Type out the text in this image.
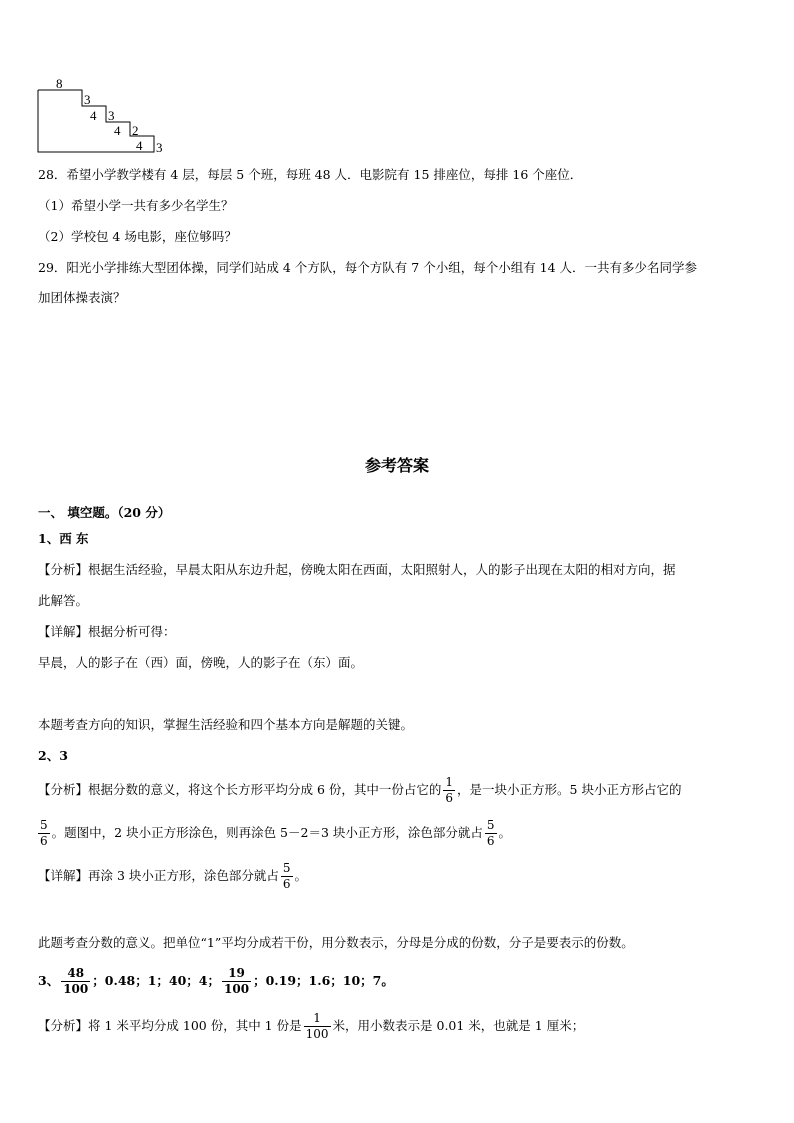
8
3
4 3
4 2
4 3
28．希望小学教学楼有 4 层，每层 5 个班，每班 48 人．电影院有 15 排座位，每排 16 个座位．
（1）希望小学一共有多少名学生？
（2）学校包 4 场电影，座位够吗？
29．阳光小学排练大型团体操，同学们站成 4 个方队，每个方队有 7 个小组，每个小组有 14 人．一共有多少名同学参
加团体操表演？
参考答案
一、 填空题。（20 分）
1、西 东
【分析】根据生活经验，早晨太阳从东边升起，傍晚太阳在西面，太阳照射人，人的影子出现在太阳的相对方向，据
此解答。
【详解】根据分析可得：
早晨，人的影子在（西）面，傍晚，人的影子在（东）面。
本题考查方向的知识，掌握生活经验和四个基本方向是解题的关键。
2、3
【分析】根据分数的意义，将这个长方形平均分成 6 份，其中一份占它的 $\frac{1}{6}$ ，是一块小正方形。5 块小正方形占它的
$\frac{5}{6}$ 。题图中，2 块小正方形涂色，则再涂色 5－2＝3 块小正方形，涂色部分就占 $\frac{5}{6}$ 。
【详解】再涂 3 块小正方形，涂色部分就占 $\frac{5}{6}$ 。
此题考查分数的意义。把单位“1”平均分成若干份，用分数表示，分母是分成的份数，分子是要表示的份数。
3、 $\frac{48}{100}$ ；0.48；1；40；4； $\frac{19}{100}$ ；0.19；1.6；10；7。
【分析】将 1 米平均分成 100 份，其中 1 份是 $\frac{1}{100}$ 米，用小数表示是 0.01 米，也就是 1 厘米；
